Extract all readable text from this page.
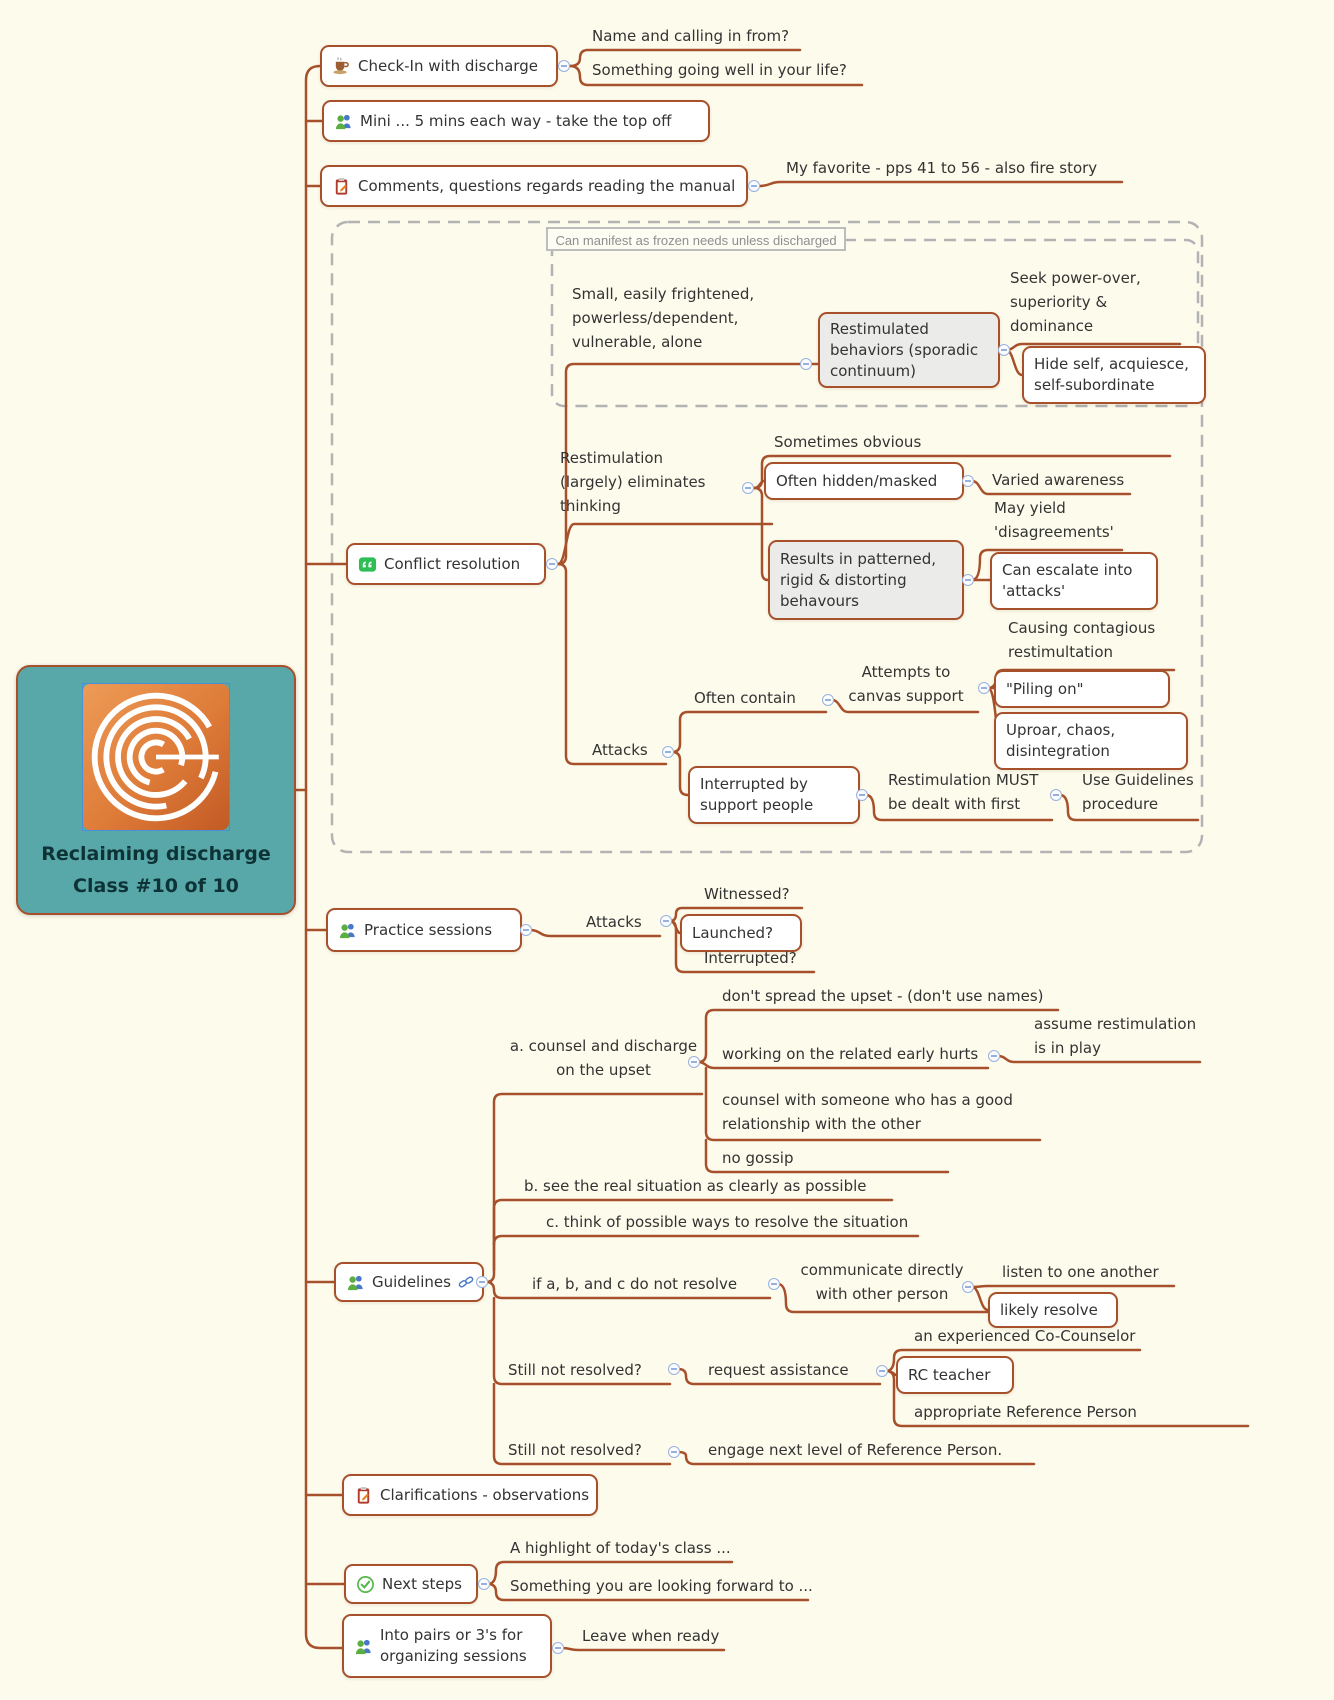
Reclaiming discharge
Class #10 of 10
Can manifest as frozen needs unless discharged
Check-In with discharge
Mini ... 5 mins each way - take the top off
Comments, questions regards reading the manual
Conflict resolution
Practice sessions
Guidelines
Clarifications - observations
Next steps
Into pairs or 3's for organizing sessions
Restimulated behaviors (sporadic continuum)	Hide self, acquiesce, self-subordinate
Often hidden/masked
Results in patterned, rigid & distorting behavours
Can escalate into 'attacks'
"Piling on"
Uproar, chaos, disintegration
Interrupted by support people
Launched?
likely resolve
RC teacher
Name and calling in from?
Something going well in your life?
My favorite - pps 41 to 56 - also fire story
Small, easily frightened, powerless/dependent, vulnerable, alone
Seek power-over, superiority & dominance
Restimulation (largely) eliminates thinking
Sometimes obvious
Varied awareness
May yield 'disagreements'
Attacks
Often contain
Attempts to canvas support
Causing contagious restimultation
Restimulation MUST be dealt with first
Use Guidelines procedure
Attacks
Witnessed?
Interrupted?
a. counsel and discharge on the upset
don't spread the upset - (don't use names)
working on the related early hurts
assume restimulation is in play
counsel with someone who has a good relationship with the other
no gossip
b. see the real situation as clearly as possible
c. think of possible ways to resolve the situation
if a, b, and c do not resolve
communicate directly with other person
listen to one another
Still not resolved?	request assistance
an experienced Co-Counselor
appropriate Reference Person
Still not resolved?	engage next level of Reference Person.
A highlight of today's class ...
Something you are looking forward to ...
Leave when ready
